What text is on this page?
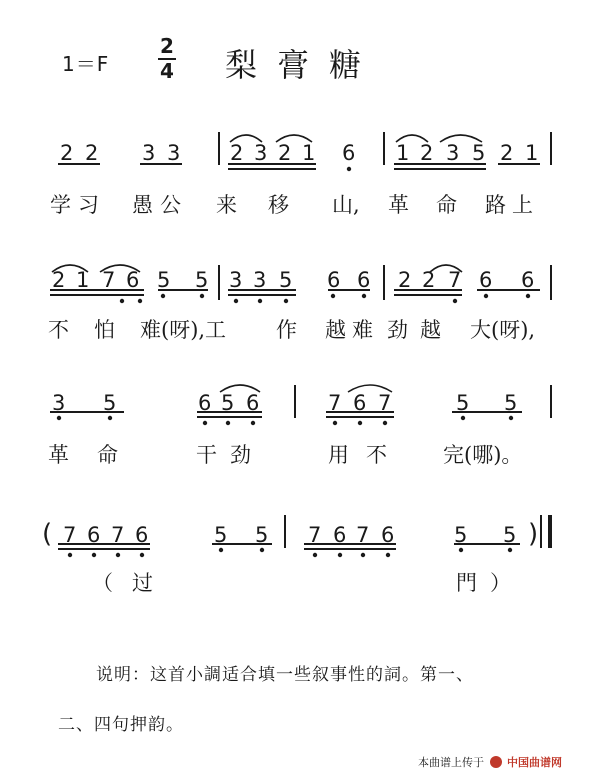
1＝F
2
4 梨膏糖
2 2 3 3 2 3 2 1 6 1 2 3 5 2 1
学 习 愚 公 来 移 山, 革 命 路 上
2 1 7 6 5 5 3 3 5 6 6 2 2 7 6 6
不 怕 难(呀),工 作 越 难 劲 越 大(呀),
3 5	6 5 6	7 6 7	5 5
革 命	干 劲	用 不	完(哪)。
( 7 6 7 6	5 5 7 6 7 6	5 5 )
（ 过	門 ）
说明：这首小調适合填一些叙事性的詞。第一、
二、四句押韵。
本曲谱上传于 中国曲谱网
